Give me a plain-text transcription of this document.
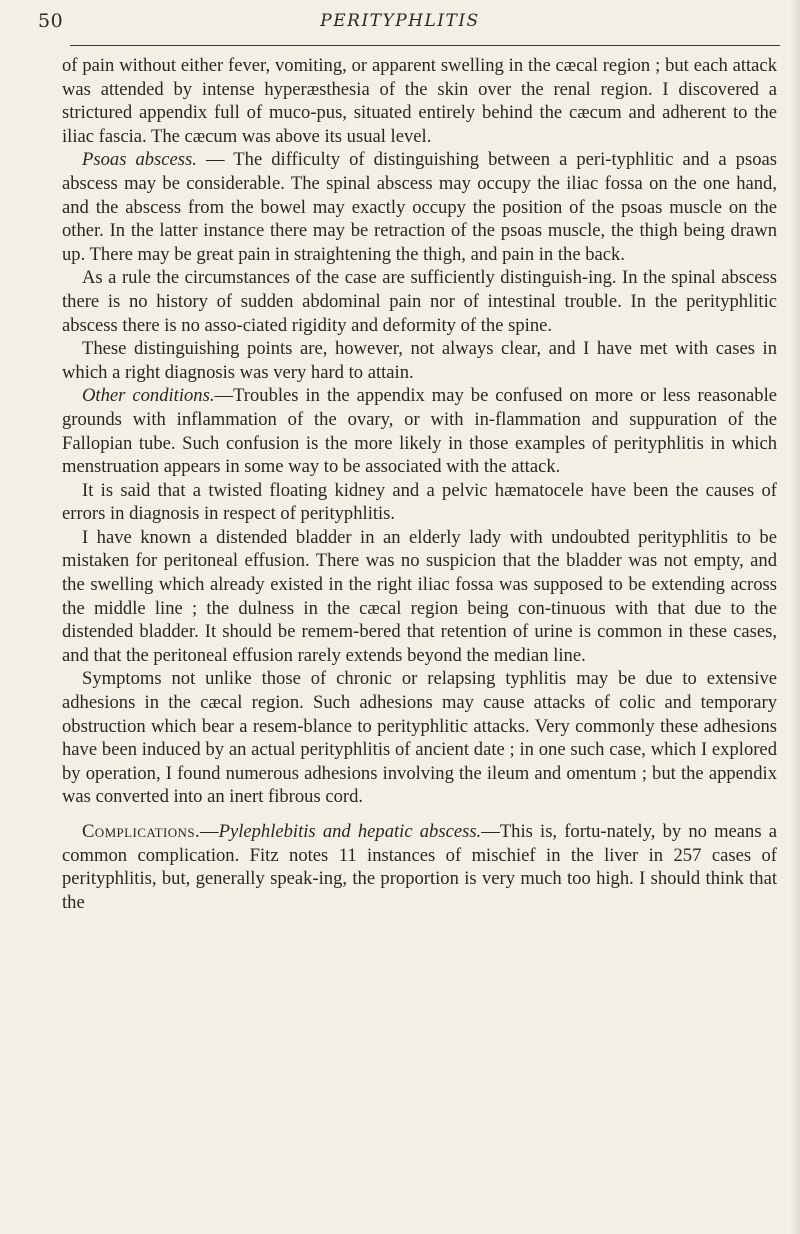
50	PERITYPHLITIS

of pain without either fever, vomiting, or apparent swelling in the cæcal region ; but each attack was attended by intense hyperæsthesia of the skin over the renal region. I discovered a strictured appendix full of muco-pus, situated entirely behind the cæcum and adherent to the iliac fascia. The cæcum was above its usual level.

Psoas abscess. — The difficulty of distinguishing between a peri-typhlitic and a psoas abscess may be considerable. The spinal abscess may occupy the iliac fossa on the one hand, and the abscess from the bowel may exactly occupy the position of the psoas muscle on the other. In the latter instance there may be retraction of the psoas muscle, the thigh being drawn up. There may be great pain in straightening the thigh, and pain in the back.

As a rule the circumstances of the case are sufficiently distinguish-ing. In the spinal abscess there is no history of sudden abdominal pain nor of intestinal trouble. In the perityphlitic abscess there is no asso-ciated rigidity and deformity of the spine.

These distinguishing points are, however, not always clear, and I have met with cases in which a right diagnosis was very hard to attain.

Other conditions.—Troubles in the appendix may be confused on more or less reasonable grounds with inflammation of the ovary, or with in-flammation and suppuration of the Fallopian tube. Such confusion is the more likely in those examples of perityphlitis in which menstruation appears in some way to be associated with the attack.

It is said that a twisted floating kidney and a pelvic hæmatocele have been the causes of errors in diagnosis in respect of perityphlitis.

I have known a distended bladder in an elderly lady with undoubted perityphlitis to be mistaken for peritoneal effusion. There was no suspicion that the bladder was not empty, and the swelling which already existed in the right iliac fossa was supposed to be extending across the middle line ; the dulness in the cæcal region being con-tinuous with that due to the distended bladder. It should be remem-bered that retention of urine is common in these cases, and that the peritoneal effusion rarely extends beyond the median line.

Symptoms not unlike those of chronic or relapsing typhlitis may be due to extensive adhesions in the cæcal region. Such adhesions may cause attacks of colic and temporary obstruction which bear a resem-blance to perityphlitic attacks. Very commonly these adhesions have been induced by an actual perityphlitis of ancient date ; in one such case, which I explored by operation, I found numerous adhesions involving the ileum and omentum ; but the appendix was converted into an inert fibrous cord.

Complications.—Pylephlebitis and hepatic abscess.—This is, fortu-nately, by no means a common complication. Fitz notes 11 instances of mischief in the liver in 257 cases of perityphlitis, but, generally speak-ing, the proportion is very much too high. I should think that the
